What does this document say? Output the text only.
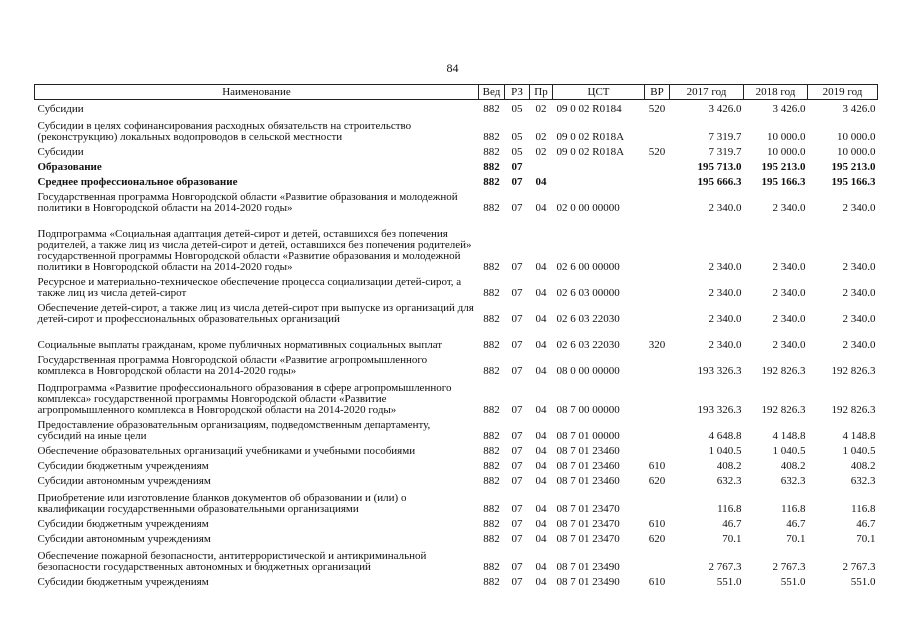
84
Наименование	Вед	РЗ	Пр	ЦСТ	ВР	2017 год	2018 год	2019 год
Субсидии	882	05	02	09 0 02 R0184	520	3 426.0	3 426.0	3 426.0
Субсидии в целях софинансирования расходных обязательств на строительство (реконструкцию) локальных водопроводов в сельской местности	882	05	02	09 0 02 R018A		7 319.7	10 000.0	10 000.0
Субсидии	882	05	02	09 0 02 R018A	520	7 319.7	10 000.0	10 000.0
Образование	882	07				195 713.0	195 213.0	195 213.0
Среднее профессиональное образование	882	07	04			195 666.3	195 166.3	195 166.3
Государственная программа Новгородской области «Развитие образования и молодежной политики в Новгородской области на 2014-2020 годы»	882	07	04	02 0 00 00000		2 340.0	2 340.0	2 340.0
Подпрограмма «Социальная адаптация детей-сирот и детей, оставшихся без попечения родителей, а также лиц из числа детей-сирот и детей, оставшихся без попечения родителей» государственной программы Новгородской области «Развитие образования и молодежной политики в Новгородской области на 2014-2020 годы»	882	07	04	02 6 00 00000		2 340.0	2 340.0	2 340.0
Ресурсное и материально-техническое обеспечение процесса социализации детей-сирот, а также лиц из числа детей-сирот	882	07	04	02 6 03 00000		2 340.0	2 340.0	2 340.0
Обеспечение детей-сирот, а также лиц из числа детей-сирот при выпуске из организаций для детей-сирот и профессиональных образовательных организаций	882	07	04	02 6 03 22030		2 340.0	2 340.0	2 340.0
Социальные выплаты гражданам, кроме публичных нормативных социальных выплат	882	07	04	02 6 03 22030	320	2 340.0	2 340.0	2 340.0
Государственная программа Новгородской области «Развитие агропромышленного комплекса в Новгородской области на 2014-2020 годы»	882	07	04	08 0 00 00000		193 326.3	192 826.3	192 826.3
Подпрограмма «Развитие профессионального образования в сфере агропромышленного комплекса» государственной программы Новгородской области «Развитие агропромышленного комплекса в Новгородской области на 2014-2020 годы»	882	07	04	08 7 00 00000		193 326.3	192 826.3	192 826.3
Предоставление образовательным организациям, подведомственным департаменту, субсидий на иные цели	882	07	04	08 7 01 00000		4 648.8	4 148.8	4 148.8
Обеспечение образовательных организаций учебниками и учебными пособиями	882	07	04	08 7 01 23460		1 040.5	1 040.5	1 040.5
Субсидии бюджетным учреждениям	882	07	04	08 7 01 23460	610	408.2	408.2	408.2
Субсидии автономным учреждениям	882	07	04	08 7 01 23460	620	632.3	632.3	632.3
Приобретение или изготовление бланков документов об образовании и (или) о квалификации государственными образовательными организациями	882	07	04	08 7 01 23470		116.8	116.8	116.8
Субсидии бюджетным учреждениям	882	07	04	08 7 01 23470	610	46.7	46.7	46.7
Субсидии автономным учреждениям	882	07	04	08 7 01 23470	620	70.1	70.1	70.1
Обеспечение пожарной безопасности, антитеррористической и антикриминальной безопасности государственных автономных и бюджетных организаций	882	07	04	08 7 01 23490		2 767.3	2 767.3	2 767.3
Субсидии бюджетным учреждениям	882	07	04	08 7 01 23490	610	551.0	551.0	551.0
